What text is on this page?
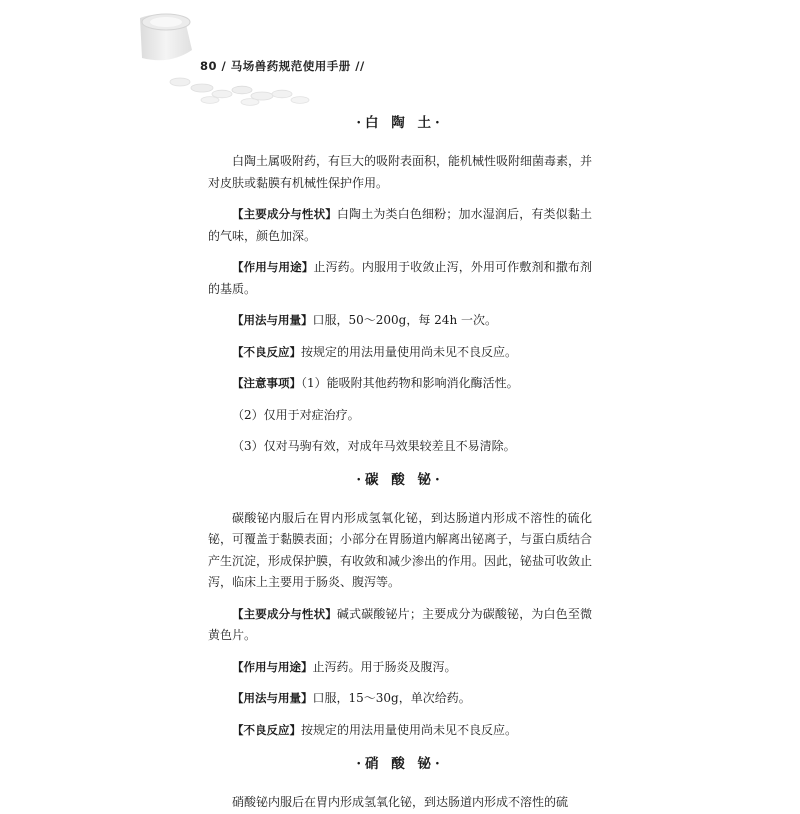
80 / 马场兽药规范使用手册 //
·白 陶 土·

白陶土属吸附药，有巨大的吸附表面积，能机械性吸附细菌毒素，并对皮肤或黏膜有机械性保护作用。

【主要成分与性状】白陶土为类白色细粉；加水湿润后，有类似黏土的气味，颜色加深。

【作用与用途】止泻药。内服用于收敛止泻，外用可作敷剂和撒布剂的基质。

【用法与用量】口服，50～200g，每 24h 一次。

【不良反应】按规定的用法用量使用尚未见不良反应。

【注意事项】（1）能吸附其他药物和影响消化酶活性。

（2）仅用于对症治疗。

（3）仅对马驹有效，对成年马效果较差且不易清除。

·碳 酸 铋·

碳酸铋内服后在胃内形成氢氧化铋，到达肠道内形成不溶性的硫化铋，可覆盖于黏膜表面；小部分在胃肠道内解离出铋离子，与蛋白质结合产生沉淀，形成保护膜，有收敛和减少渗出的作用。因此，铋盐可收敛止泻，临床上主要用于肠炎、腹泻等。

【主要成分与性状】碱式碳酸铋片；主要成分为碳酸铋，为白色至微黄色片。

【作用与用途】止泻药。用于肠炎及腹泻。

【用法与用量】口服，15～30g，单次给药。

【不良反应】按规定的用法用量使用尚未见不良反应。

·硝 酸 铋·

硝酸铋内服后在胃内形成氢氧化铋，到达肠道内形成不溶性的硫
